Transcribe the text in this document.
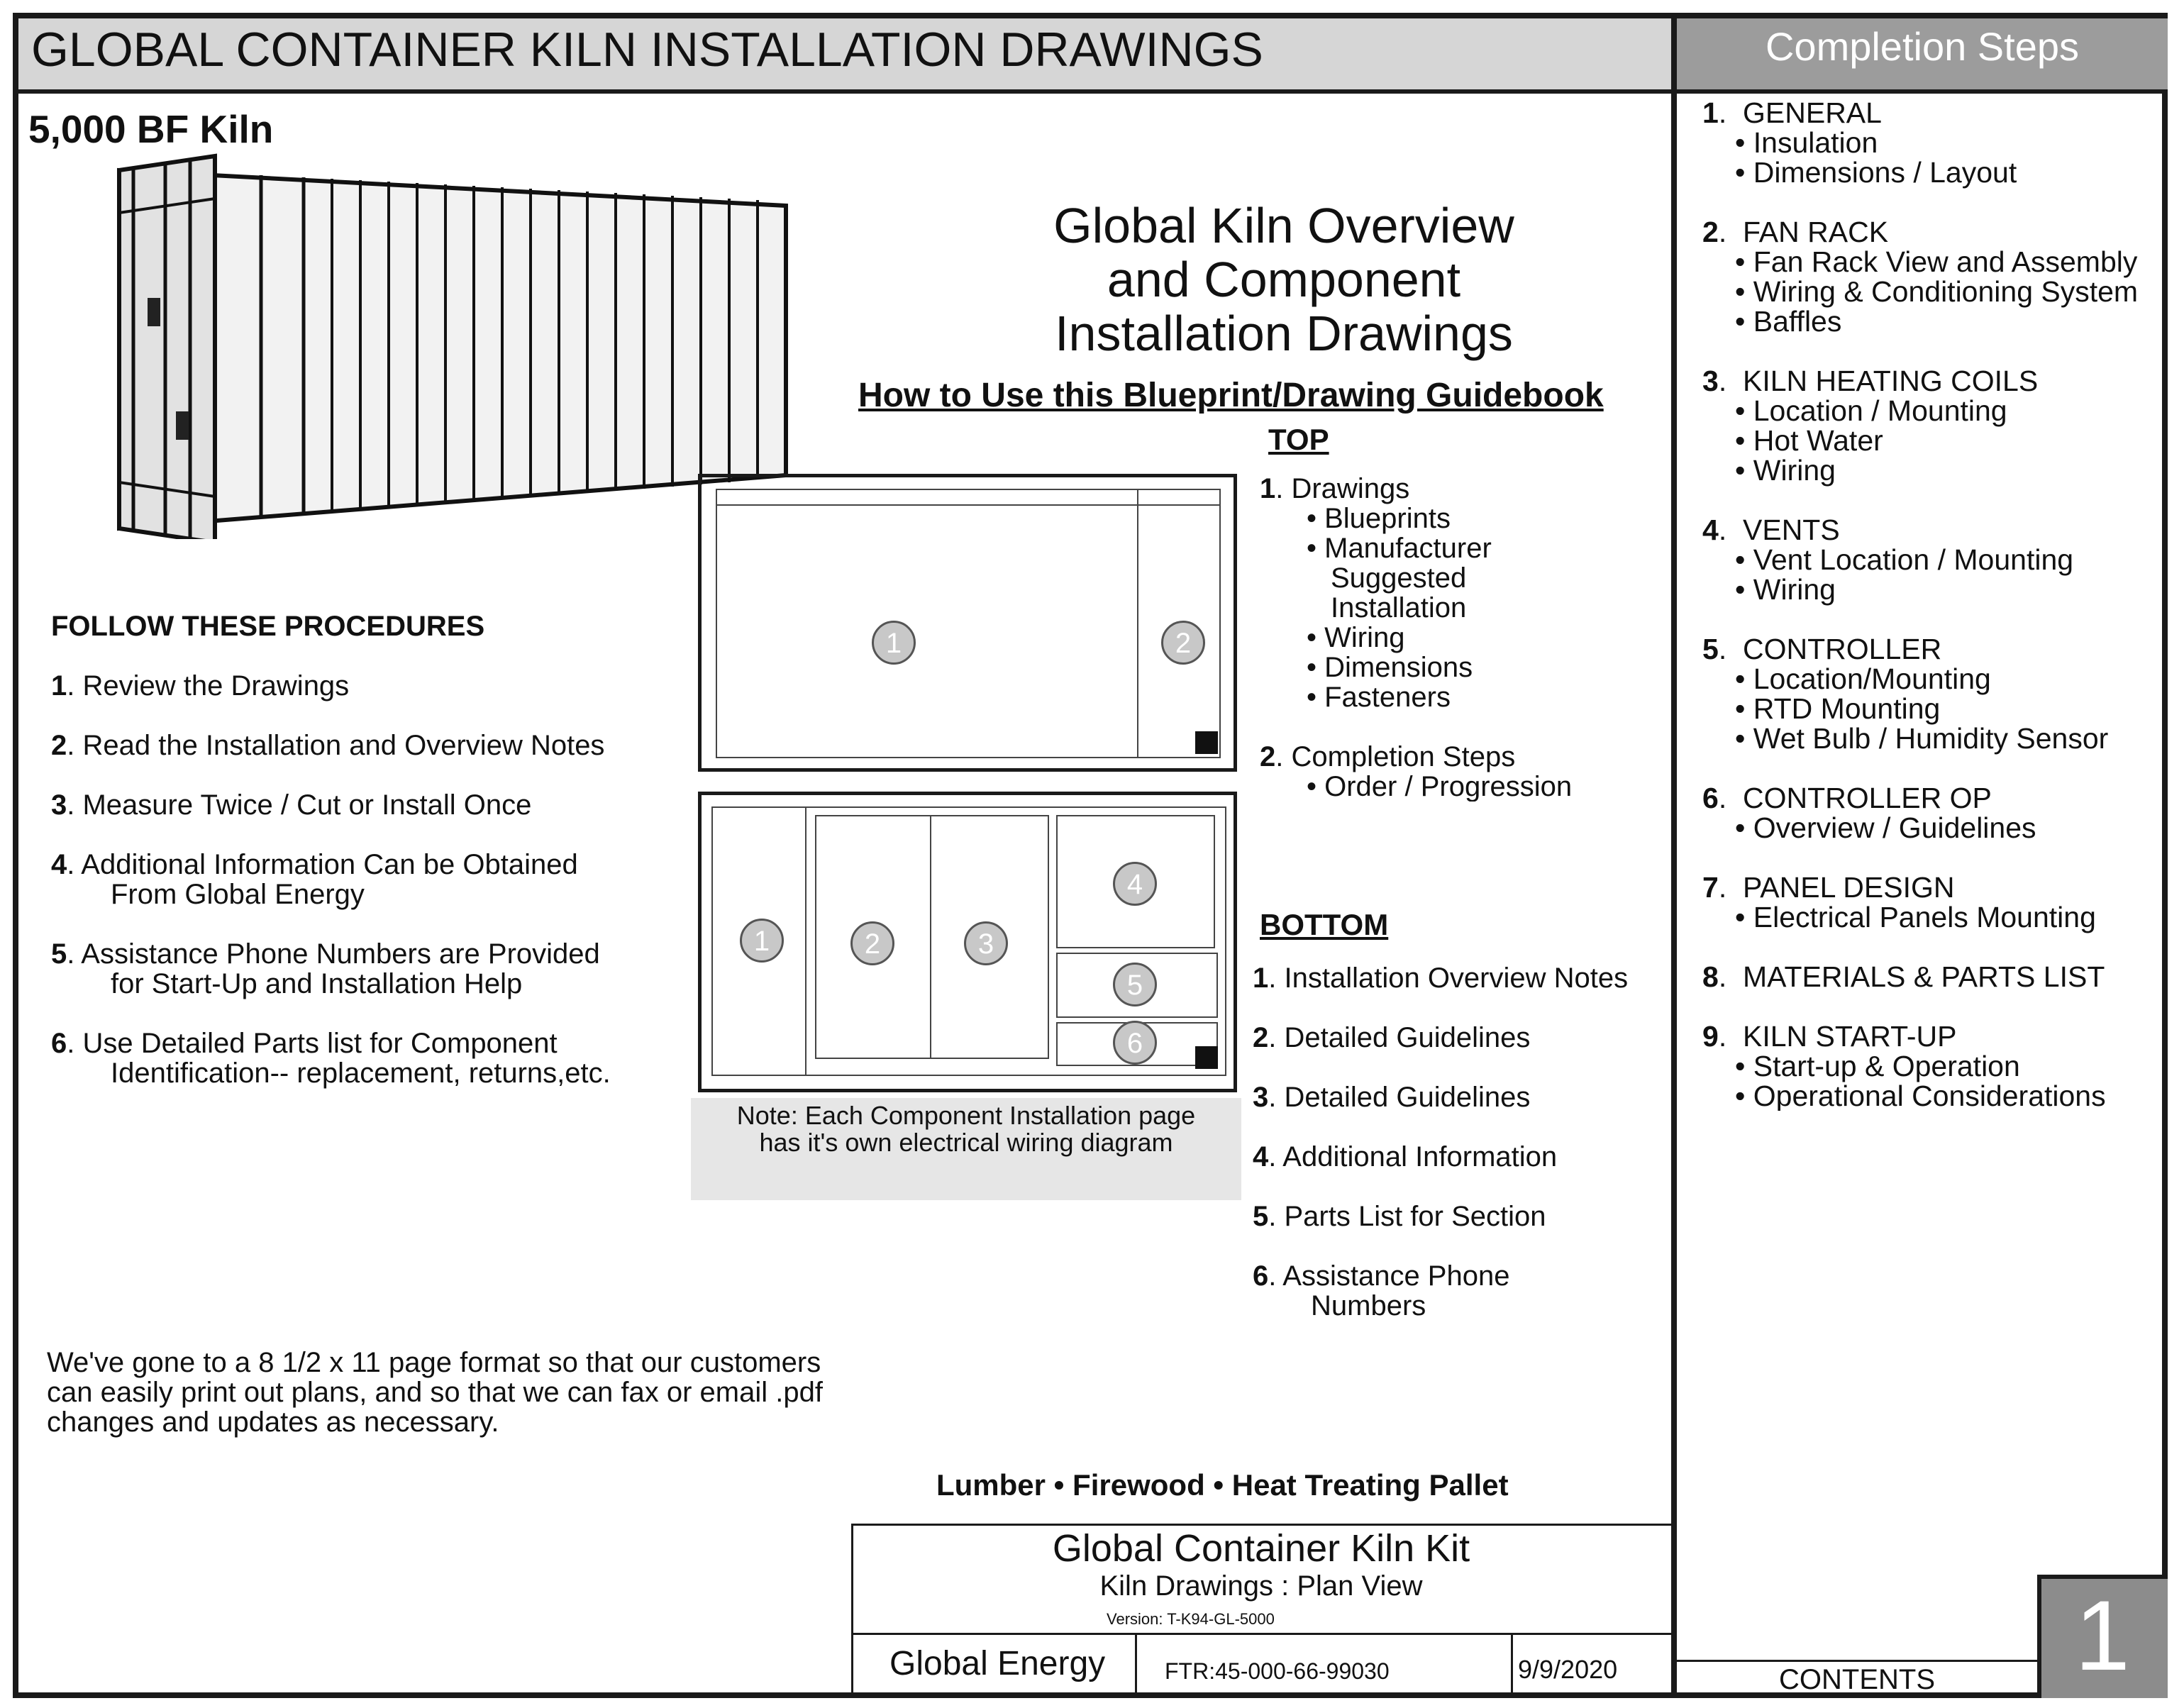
GLOBAL CONTAINER KILN INSTALLATION DRAWINGS	Completion Steps
1.  GENERAL
• Insulation
• Dimensions / Layout
2.  FAN RACK
• Fan Rack View and Assembly
• Wiring & Conditioning System
• Baffles
3.  KILN HEATING COILS
• Location / Mounting
• Hot Water
• Wiring
4.  VENTS
• Vent Location / Mounting
• Wiring
5.  CONTROLLER
• Location/Mounting
• RTD Mounting
• Wet Bulb / Humidity Sensor
6.  CONTROLLER OP
• Overview / Guidelines
7.  PANEL DESIGN
• Electrical Panels Mounting
8.  MATERIALS & PARTS LIST
9.  KILN START-UP
• Start-up & Operation
• Operational Considerations
5,000 BF Kiln
FOLLOW THESE PROCEDURES
1. Review the Drawings
2. Read the Installation and Overview Notes
3. Measure Twice / Cut or Install Once
4. Additional Information Can be Obtained
From Global Energy
5. Assistance Phone Numbers are Provided
for Start-Up and Installation Help
6. Use Detailed Parts list for Component
Identification-- replacement, returns,etc.
Global Kiln Overview
and Component
Installation Drawings
How to Use this Blueprint/Drawing Guidebook
TOP
1. Drawings
• Blueprints
• Manufacturer
Suggested
Installation
• Wiring
• Dimensions
• Fasteners
2. Completion Steps
• Order / Progression
BOTTOM
1. Installation Overview Notes
2. Detailed Guidelines
3. Detailed Guidelines
4. Additional Information
5. Parts List for Section
6. Assistance Phone
Numbers
1	2
1	2	3
4
5
6
Note: Each Component Installation page
has it's own electrical wiring diagram
We've gone to a 8 1/2 x 11 page format so that our customers
can easily print out plans, and so that we can fax or email .pdf
changes and updates as necessary.
Lumber • Firewood • Heat Treating Pallet
Global Container Kiln Kit
Kiln Drawings : Plan View
Version: T-K94-GL-5000
Global Energy	FTR:45-000-66-99030	9/9/2020	CONTENTS	1
